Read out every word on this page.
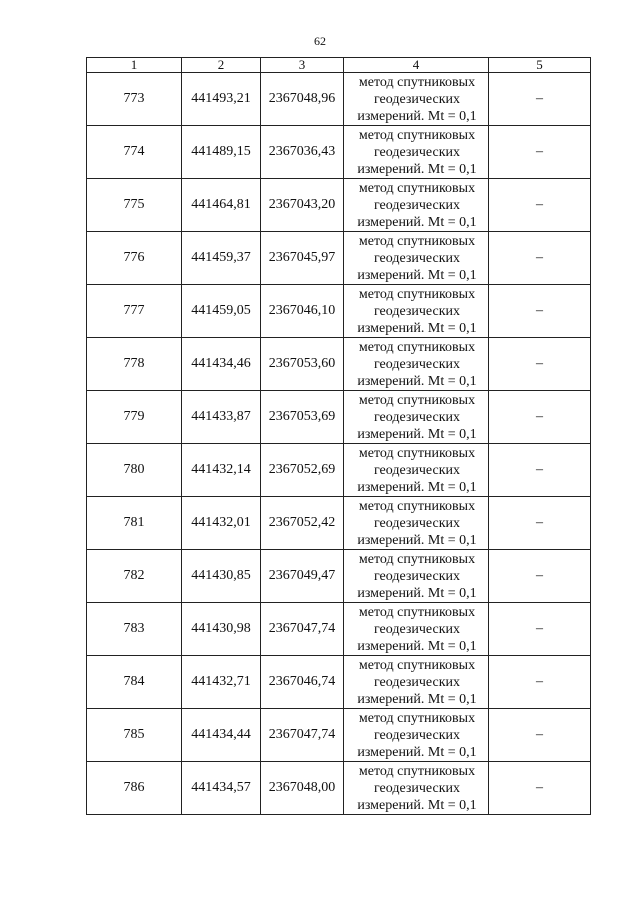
62
1	2	3	4	5
773	441493,21	2367048,96	метод спутниковых
геодезических
измерений. Mt = 0,1	–
774	441489,15	2367036,43	метод спутниковых
геодезических
измерений. Mt = 0,1	–
775	441464,81	2367043,20	метод спутниковых
геодезических
измерений. Mt = 0,1	–
776	441459,37	2367045,97	метод спутниковых
геодезических
измерений. Mt = 0,1	–
777	441459,05	2367046,10	метод спутниковых
геодезических
измерений. Mt = 0,1	–
778	441434,46	2367053,60	метод спутниковых
геодезических
измерений. Mt = 0,1	–
779	441433,87	2367053,69	метод спутниковых
геодезических
измерений. Mt = 0,1	–
780	441432,14	2367052,69	метод спутниковых
геодезических
измерений. Mt = 0,1	–
781	441432,01	2367052,42	метод спутниковых
геодезических
измерений. Mt = 0,1	–
782	441430,85	2367049,47	метод спутниковых
геодезических
измерений. Mt = 0,1	–
783	441430,98	2367047,74	метод спутниковых
геодезических
измерений. Mt = 0,1	–
784	441432,71	2367046,74	метод спутниковых
геодезических
измерений. Mt = 0,1	–
785	441434,44	2367047,74	метод спутниковых
геодезических
измерений. Mt = 0,1	–
786	441434,57	2367048,00	метод спутниковых
геодезических
измерений. Mt = 0,1	–
